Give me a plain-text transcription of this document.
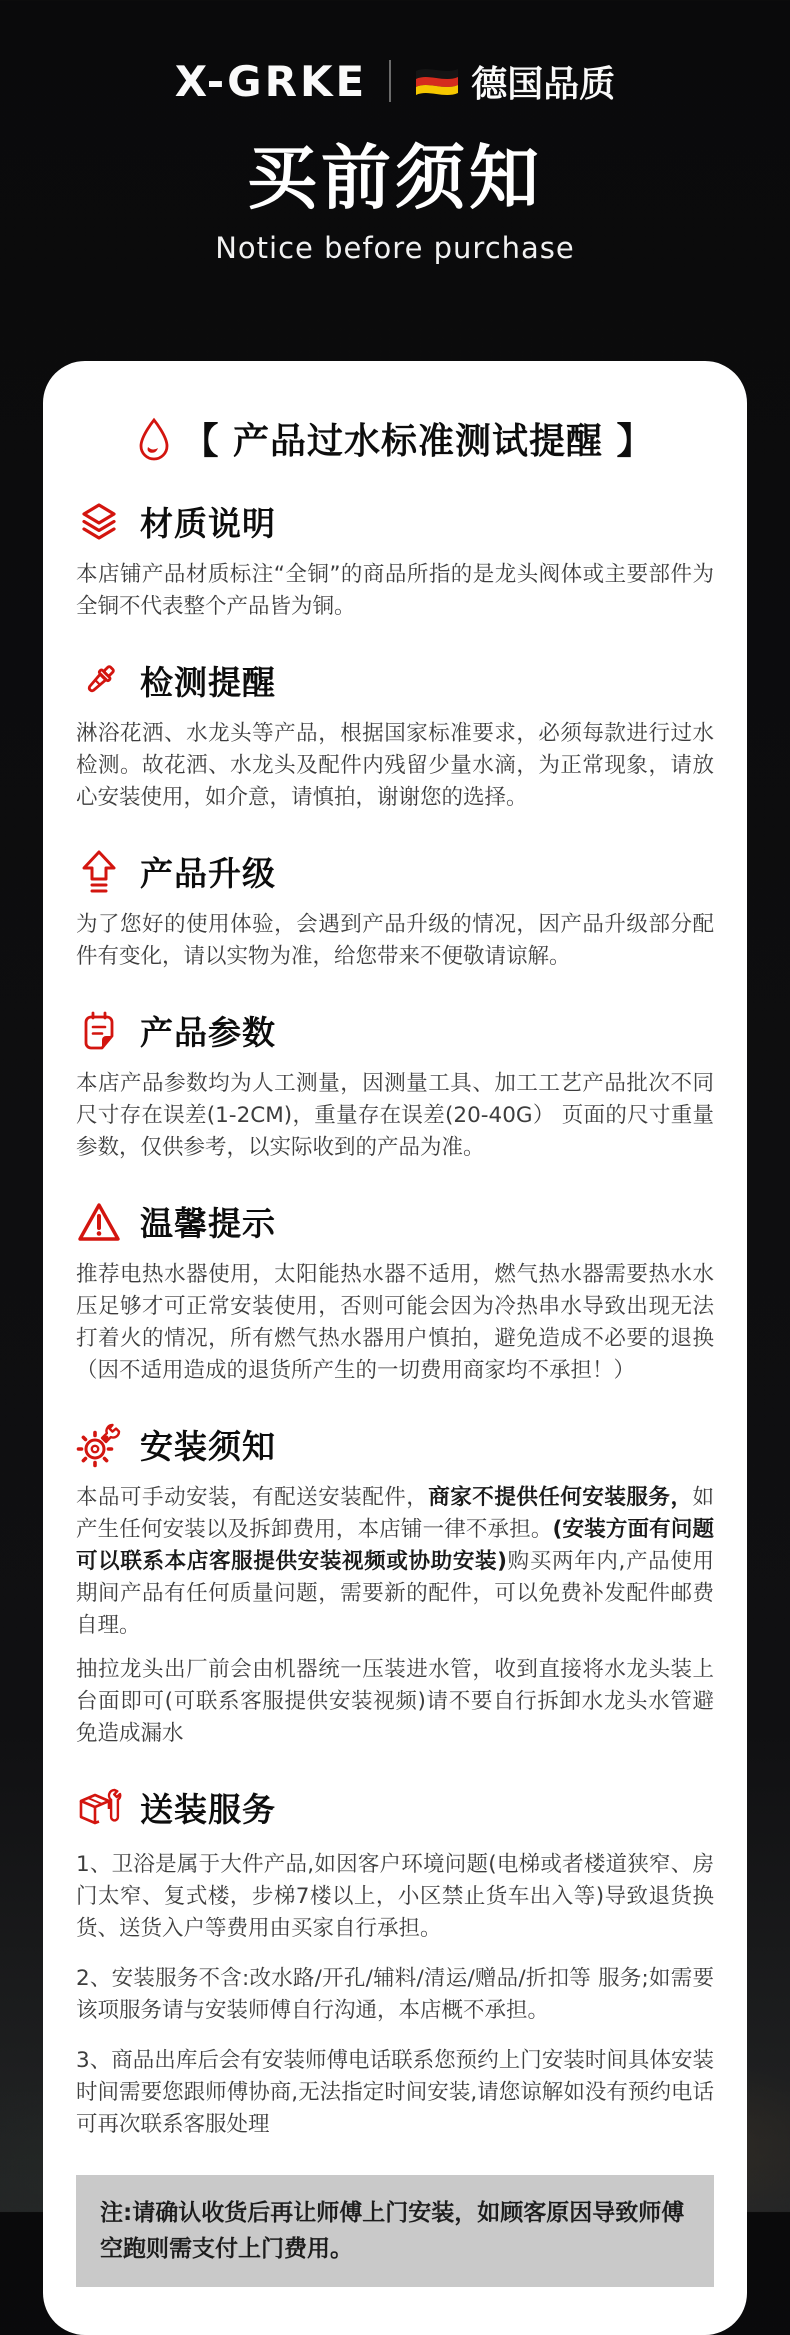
X-GRKE	德国品质
买前须知
Notice before purchase
【 产品过水标准测试提醒 】
材质说明
本店铺产品材质标注“全铜”的商品所指的是龙头阀体或主要部件为全铜不代表整个产品皆为铜。
检测提醒
淋浴花洒、水龙头等产品，根据国家标准要求，必须每款进行过水检测。故花洒、水龙头及配件内残留少量水滴，为正常现象，请放心安装使用，如介意，请慎拍，谢谢您的选择。
产品升级
为了您好的使用体验，会遇到产品升级的情况，因产品升级部分配件有变化，请以实物为准，给您带来不便敬请谅解。
产品参数
本店产品参数均为人工测量，因测量工具、加工工艺产品批次不同尺寸存在误差(1-2CM)，重量存在误差(20-40G） 页面的尺寸重量参数，仅供参考，以实际收到的产品为准。
温馨提示
推荐电热水器使用，太阳能热水器不适用，燃气热水器需要热水水压足够才可正常安装使用，否则可能会因为冷热串水导致出现无法打着火的情况，所有燃气热水器用户慎拍，避免造成不必要的退换（因不适用造成的退货所产生的一切费用商家均不承担！）
安装须知
本品可手动安装，有配送安装配件，商家不提供任何安装服务，如产生任何安装以及拆卸费用，本店铺一律不承担。(安装方面有问题可以联系本店客服提供安装视频或协助安装)购买两年内,产品使用期间产品有任何质量问题，需要新的配件，可以免费补发配件邮费自理。
抽拉龙头出厂前会由机器统一压装进水管，收到直接将水龙头装上台面即可(可联系客服提供安装视频)请不要自行拆卸水龙头水管避免造成漏水
送装服务
1、卫浴是属于大件产品,如因客户环境问题(电梯或者楼道狭窄、房门太窄、复式楼，步梯7楼以上，小区禁止货车出入等)导致退货换货、送货入户等费用由买家自行承担。
2、安装服务不含:改水路/开孔/辅料/清运/赠品/折扣等 服务;如需要该项服务请与安装师傅自行沟通，本店概不承担。
3、商品出库后会有安装师傅电话联系您预约上门安装时间具体安装时间需要您跟师傅协商,无法指定时间安装,请您谅解如没有预约电话可再次联系客服处理
注:请确认收货后再让师傅上门安装，如顾客原因导致师傅空跑则需支付上门费用。
